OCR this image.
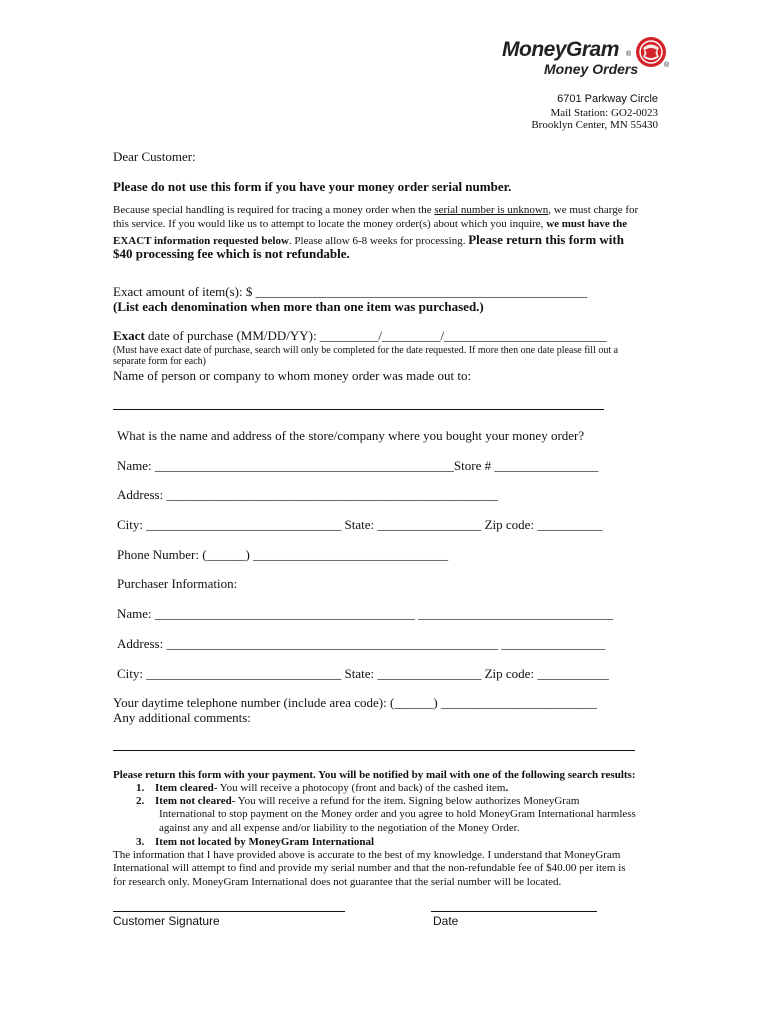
MoneyGram ®
Money Orders	®
6701 Parkway Circle
Mail Station: GO2-0023
Brooklyn Center, MN 55430
Dear Customer:
Please do not use this form if you have your money order serial number.
Because special handling is required for tracing a money order when the serial number is unknown, we must charge for
this service. If you would like us to attempt to locate the money order(s) about which you inquire, we must have the
EXACT information requested below. Please allow 6-8 weeks for processing. Please return this form with
$40 processing fee which is not refundable.
Exact amount of item(s): $ ___________________________________________________
(List each denomination when more than one item was purchased.)
Exact date of purchase (MM/DD/YY): _________/_________/_________________________
(Must have exact date of purchase, search will only be completed for the date requested. If more then one date please fill out a
separate form for each)
Name of person or company to whom money order was made out to:
What is the name and address of the store/company where you bought your money order?
Name: ______________________________________________Store # ________________
Address: ___________________________________________________
City: ______________________________ State: ________________ Zip code: __________
Phone Number: (______) ______________________________
Purchaser Information:
Name: ________________________________________ ______________________________
Address: ___________________________________________________ ________________
City: ______________________________ State: ________________ Zip code: ___________
Your daytime telephone number (include area code): (______) ________________________
Any additional comments:
Please return this form with your payment. You will be notified by mail with one of the following search results:
1. Item cleared- You will receive a photocopy (front and back) of the cashed item.
2. Item not cleared- You will receive a refund for the item. Signing below authorizes MoneyGram
International to stop payment on the Money order and you agree to hold MoneyGram International harmless
against any and all expense and/or liability to the negotiation of the Money Order.
3. Item not located by MoneyGram International
The information that I have provided above is accurate to the best of my knowledge. I understand that MoneyGram
International will attempt to find and provide my serial number and that the non-refundable fee of $40.00 per item is
for research only. MoneyGram International does not guarantee that the serial number will be located.
Customer Signature	Date
